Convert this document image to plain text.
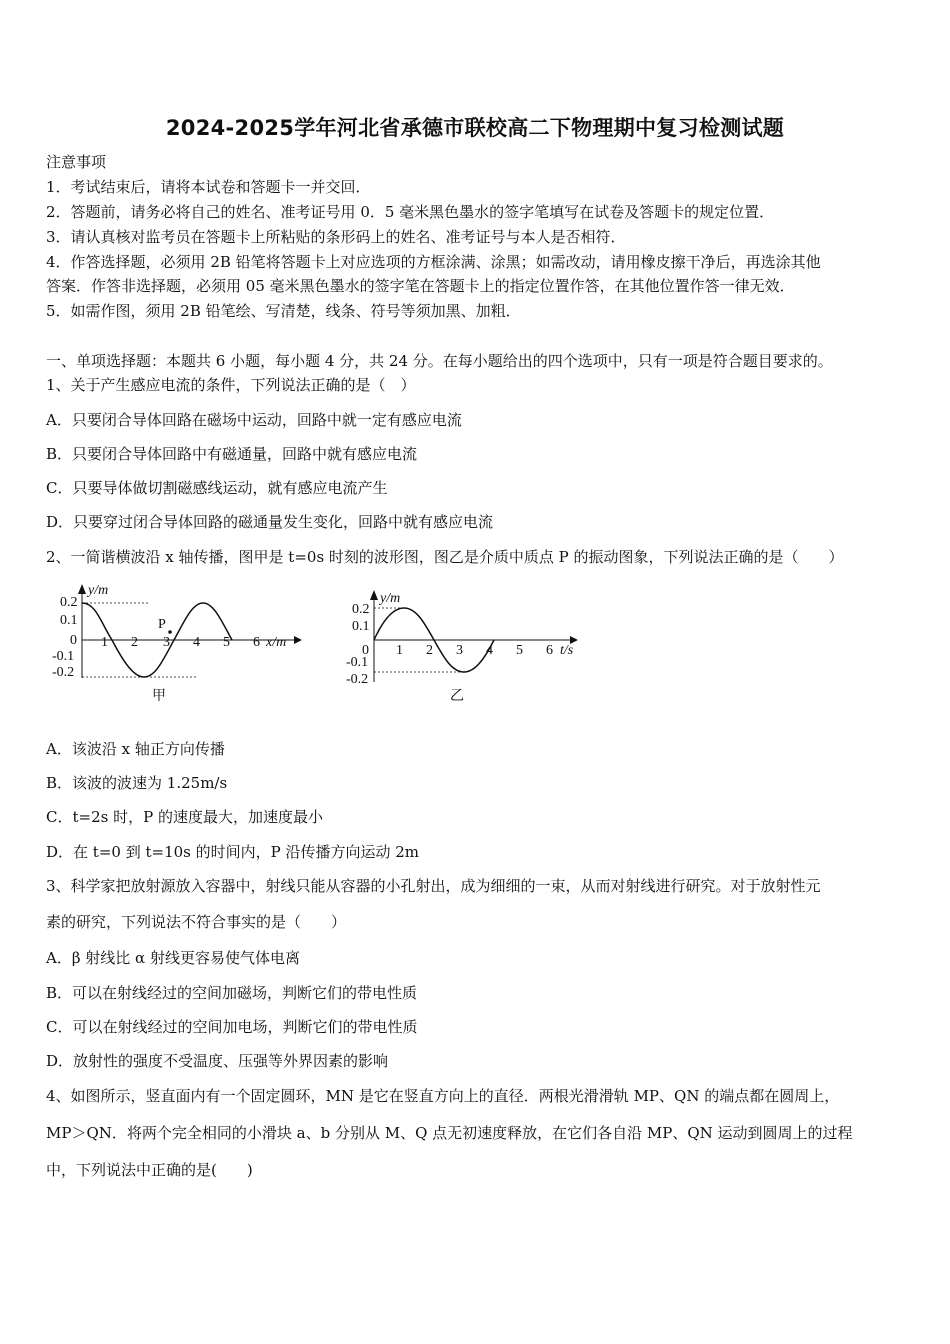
2024-2025学年河北省承德市联校高二下物理期中复习检测试题
注意事项
1．考试结束后，请将本试卷和答题卡一并交回．
2．答题前，请务必将自己的姓名、准考证号用 0．5 毫米黑色墨水的签字笔填写在试卷及答题卡的规定位置．
3．请认真核对监考员在答题卡上所粘贴的条形码上的姓名、准考证号与本人是否相符．
4．作答选择题，必须用 2B 铅笔将答题卡上对应选项的方框涂满、涂黑；如需改动，请用橡皮擦干净后，再选涂其他
答案．作答非选择题，必须用 05 毫米黑色墨水的签字笔在答题卡上的指定位置作答，在其他位置作答一律无效．
5．如需作图，须用 2B 铅笔绘、写清楚，线条、符号等须加黑、加粗．
一、单项选择题：本题共 6 小题，每小题 4 分，共 24 分。在每小题给出的四个选项中，只有一项是符合题目要求的。
1、关于产生感应电流的条件，下列说法正确的是（　）
A．只要闭合导体回路在磁场中运动，回路中就一定有感应电流
B．只要闭合导体回路中有磁通量，回路中就有感应电流
C．只要导体做切割磁感线运动，就有感应电流产生
D．只要穿过闭合导体回路的磁通量发生变化，回路中就有感应电流
2、一简谐横波沿 x 轴传播，图甲是 t=0s 时刻的波形图，图乙是介质中质点 P 的振动图象，下列说法正确的是（　　）
0.2
0.1
0
-0.1
-0.2
1 2 3 4 5 6
y/m
x/m
P
甲
0.2
0.1
0
-0.1
-0.2
1 2 3 4 5 6
y/m
t/s
乙
A．该波沿 x 轴正方向传播
B．该波的波速为 1.25m/s
C．t=2s 时，P 的速度最大，加速度最小
D．在 t=0 到 t=10s 的时间内，P 沿传播方向运动 2m
3、科学家把放射源放入容器中，射线只能从容器的小孔射出，成为细细的一束，从而对射线进行研究。对于放射性元
素的研究，下列说法不符合事实的是（　　）
A．β 射线比 α 射线更容易使气体电离
B．可以在射线经过的空间加磁场，判断它们的带电性质
C．可以在射线经过的空间加电场，判断它们的带电性质
D．放射性的强度不受温度、压强等外界因素的影响
4、如图所示，竖直面内有一个固定圆环，MN 是它在竖直方向上的直径．两根光滑滑轨 MP、QN 的端点都在圆周上，
MP＞QN．将两个完全相同的小滑块 a、b 分别从 M、Q 点无初速度释放，在它们各自沿 MP、QN 运动到圆周上的过程
中，下列说法中正确的是(　　)
